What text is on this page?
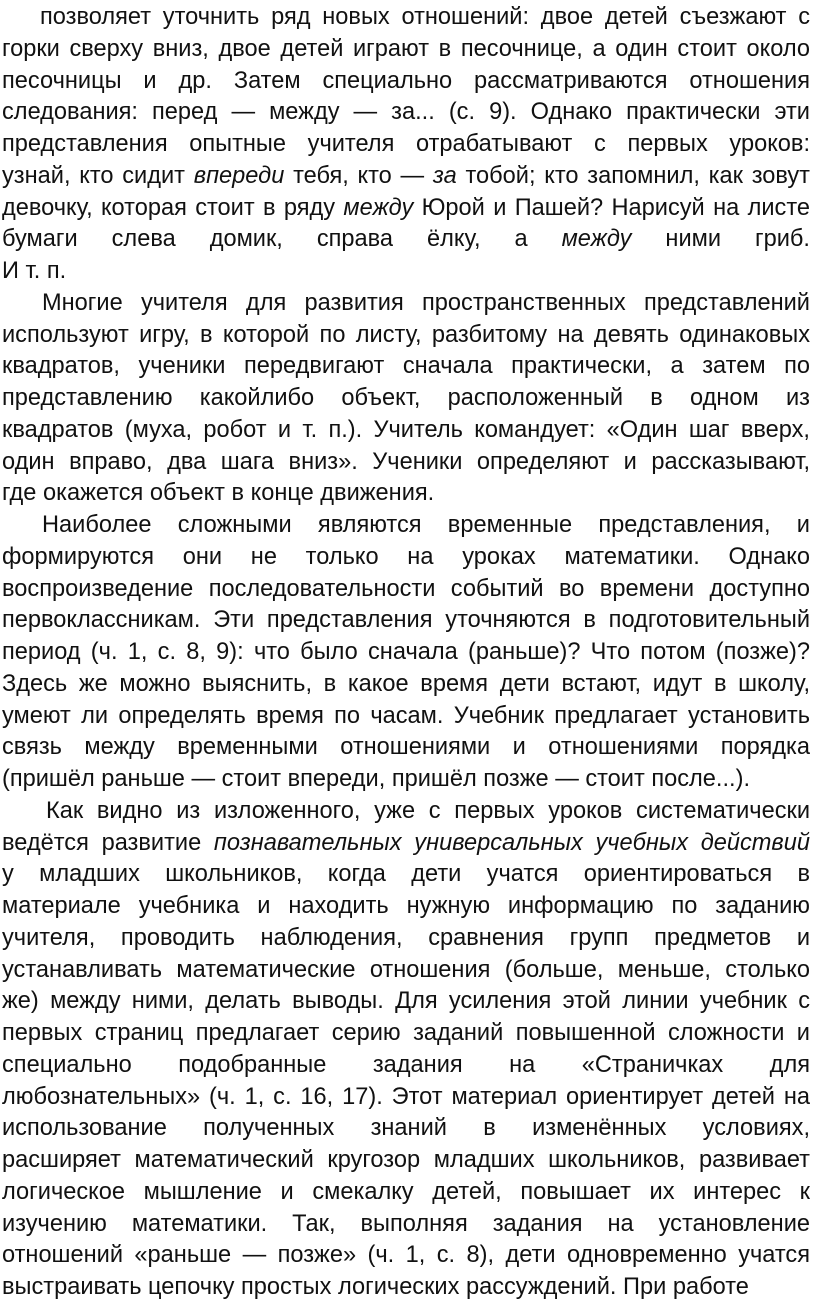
позволяет уточнить ряд новых отношений: двое детей съезжают с
горки сверху вниз, двое детей играют в песочнице, а один стоит около
песочницы и др. Затем специально рассматриваются отношения
следования: перед — между — за... (с. 9). Однако практически эти
представления опытные учителя отрабатывают с первых уроков:
узнай, кто сидит впереди тебя, кто — за тобой; кто запомнил, как зовут
девочку, которая стоит в ряду между Юрой и Пашей? Нарисуй на листе
бумаги слева домик, справа ёлку, а между ними гриб.
И т. п.
Многие учителя для развития пространственных представлений
используют игру, в которой по листу, разбитому на девять одинаковых
квадратов, ученики передвигают сначала практически, а затем по
представлению какойлибо объект, расположенный в одном из
квадратов (муха, робот и т. п.). Учитель командует: «Один шаг вверх,
один вправо, два шага вниз». Ученики определяют и рассказывают,
где окажется объект в конце движения.
Наиболее сложными являются временные представления, и
формируются они не только на уроках математики. Однако
воспроизведение последовательности событий во времени доступно
первоклассникам. Эти представления уточняются в подготовительный
период (ч. 1, с. 8, 9): что было сначала (раньше)? Что потом (позже)?
Здесь же можно выяснить, в какое время дети встают, идут в школу,
умеют ли определять время по часам. Учебник предлагает установить
связь между временными отношениями и отношениями порядка
(пришёл раньше — стоит впереди, пришёл позже — стоит после...).
Как видно из изложенного, уже с первых уроков систематически
ведётся развитие познавательных универсальных учебных действий
у младших школьников, когда дети учатся ориентироваться в
материале учебника и находить нужную информацию по заданию
учителя, проводить наблюдения, сравнения групп предметов и
устанавливать математические отношения (больше, меньше, столько
же) между ними, делать выводы. Для усиления этой линии учебник с
первых страниц предлагает серию заданий повышенной сложности и
специально подобранные задания на «Страничках для
любознательных» (ч. 1, с. 16, 17). Этот материал ориентирует детей на
использование полученных знаний в изменённых условиях,
расширяет математический кругозор младших школьников, развивает
логическое мышление и смекалку детей, повышает их интерес к
изучению математики. Так, выполняя задания на установление
отношений «раньше — позже» (ч. 1, с. 8), дети одновременно учатся
выстраивать цепочку простых логических рассуждений. При работе
